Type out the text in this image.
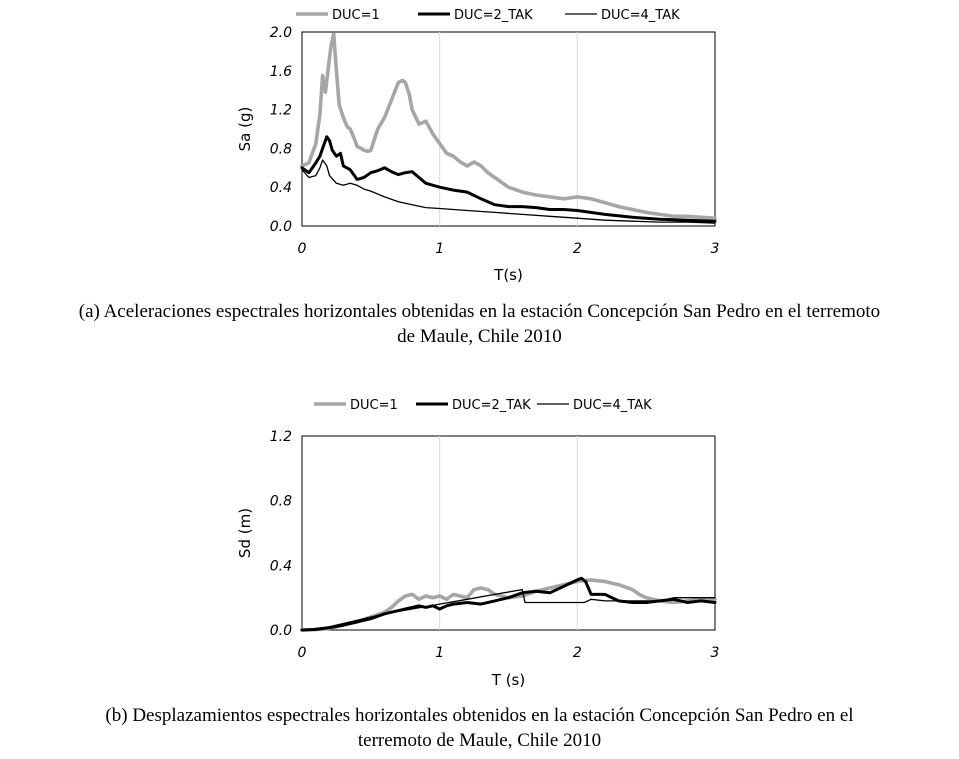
0	1	2	3
0.0
0.4
0.8
1.2
1.6
2.0
T(s)
Sa (g)
DUC=1	DUC=2_TAK	DUC=4_TAK
0	1	2	3
0.0
0.4
0.8
1.2
T (s)
Sd (m)
DUC=1	DUC=2_TAK	DUC=4_TAK
(a) Aceleraciones espectrales horizontales obtenidas en la estación Concepción San Pedro en el terremoto
de Maule, Chile 2010
(b) Desplazamientos espectrales horizontales obtenidos en la estación Concepción San Pedro en el
terremoto de Maule, Chile 2010
